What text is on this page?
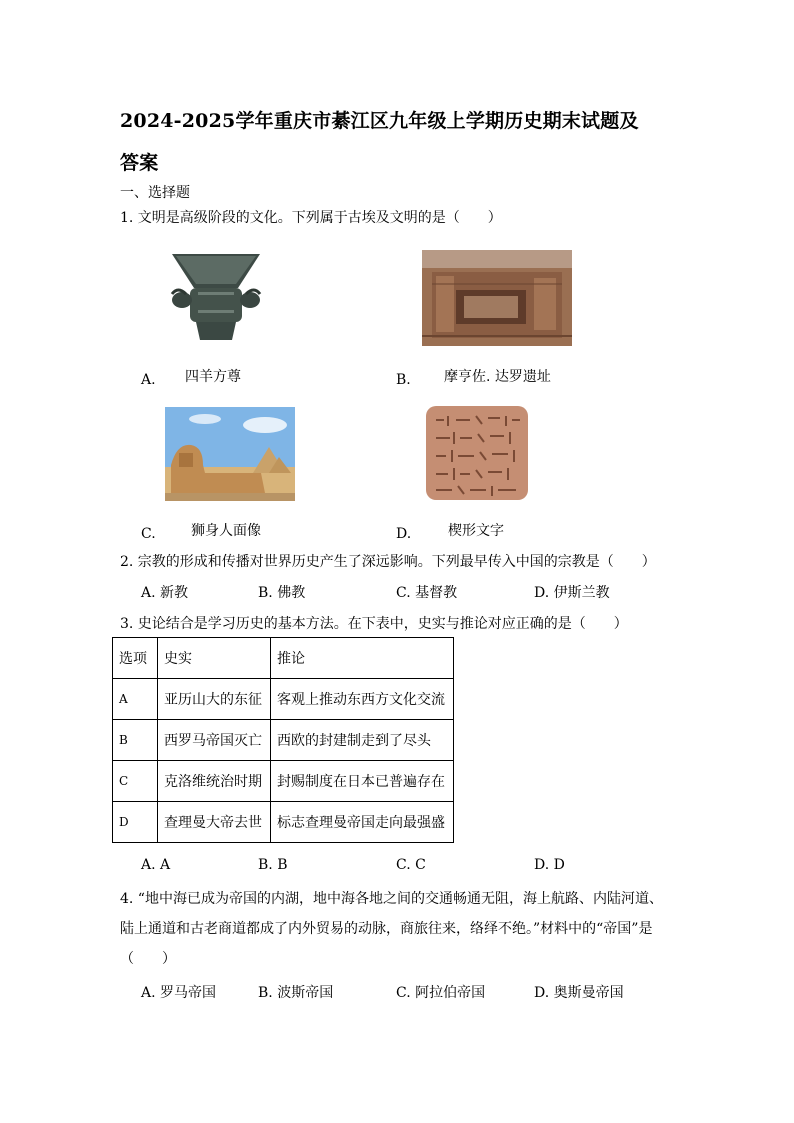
2024-2025学年重庆市綦江区九年级上学期历史期末试题及
答案
一、选择题
1. 文明是高级阶段的文化。下列属于古埃及文明的是（　　）
A. 四羊方尊	B. 摩亨佐. 达罗遗址
C.	狮身人面像	D.	楔形文字
2. 宗教的形成和传播对世界历史产生了深远影响。下列最早传入中国的宗教是（　　）
A. 新教	B. 佛教	C. 基督教	D. 伊斯兰教
3. 史论结合是学习历史的基本方法。在下表中，史实与推论对应正确的是（　　）
选项	史实	推论
A	亚历山大的东征	客观上推动东西方文化交流
B	西罗马帝国灭亡	西欧的封建制走到了尽头
C	克洛维统治时期	封赐制度在日本已普遍存在
D	查理曼大帝去世	标志查理曼帝国走向最强盛
A. A	B. B	C. C	D. D
4. “地中海已成为帝国的内湖，地中海各地之间的交通畅通无阻，海上航路、内陆河道、
陆上通道和古老商道都成了内外贸易的动脉，商旅往来，络绎不绝。”材料中的“帝国”是
（　　）
A. 罗马帝国	B. 波斯帝国	C. 阿拉伯帝国	D. 奥斯曼帝国
